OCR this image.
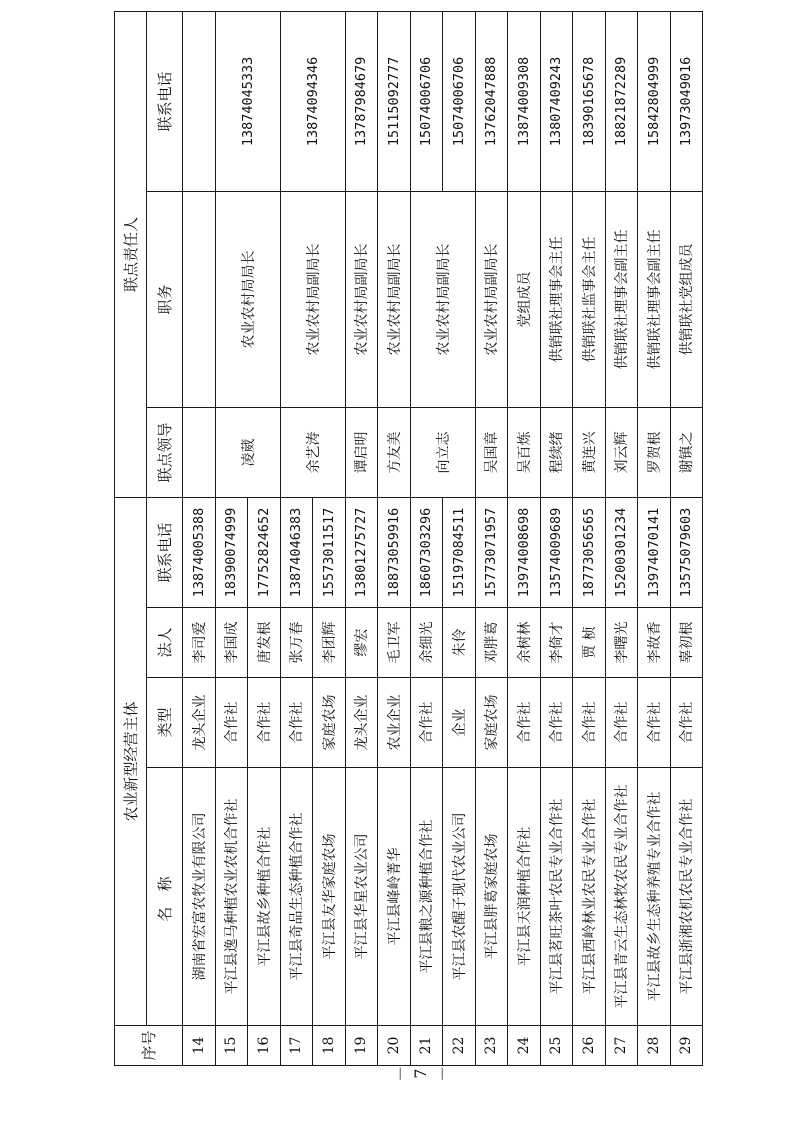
序号	农业新型经营主体				联点责任人		
	名 称	类型	法人	联系电话	联点领导	职务	联系电话
14	湖南省宏富农牧业有限公司	龙头企业	李司爱	13874005388			
15	平江县逸马种植农业农机合作社	合作社	李国成	18390074999	凌葳	农业农村局局长	13874045333
16	平江县故乡种植合作社	合作社	唐发根	17752824652			
17	平江县奇品生态种植合作社	合作社	张万春	13874046383	余艺涛	农业农村局副局长	13874094346
18	平江县友华家庭农场	家庭农场	李团辉	15573011517			
19	平江县华星农业公司	龙头企业	缪宏	13801275727	谭启明	农业农村局副局长	13787984679
20	平江县峰岭菁华	农业企业	毛卫军	18873059916	方友美	农业农村局副局长	15115092777
21	平江县粮之源种植合作社	合作社	余细光	18607303296	向立志	农业农村局副局长	15074006706
22	平江县农醒子现代农业公司	企业	朱伶	15197084511			15074006706
23	平江县胖葛家庭农场	家庭农场	邓胖葛	15773071957	吴国章	农业农村局副局长	13762047888
24	平江县天润种植合作社	合作社	余树林	13974008698	吴百炼	党组成员	13874009308
25	平江县茗旺茶叶农民专业合作社	合作社	李倚才	13574009689	程续绪	供销联社理事会主任	13807409243
26	平江县西岭林业农民专业合作社	合作社	贾 桢	18773056565	黄连兴	供销联社监事会主任	18390165678
27	平江县青云生态林牧农民专业合作社	合作社	李曙光	15200301234	刘云辉	供销联社理事会副主任	18821872289
28	平江县故乡生态种养殖专业合作社	合作社	李故香	13974070141	罗贺根	供销联社理事会副主任	15842804999
29	平江县浙湘农机农民专业合作社	合作社	辜初根	13575079603	谢镇之	供销联社党组成员	13973049016
－ 7 －
